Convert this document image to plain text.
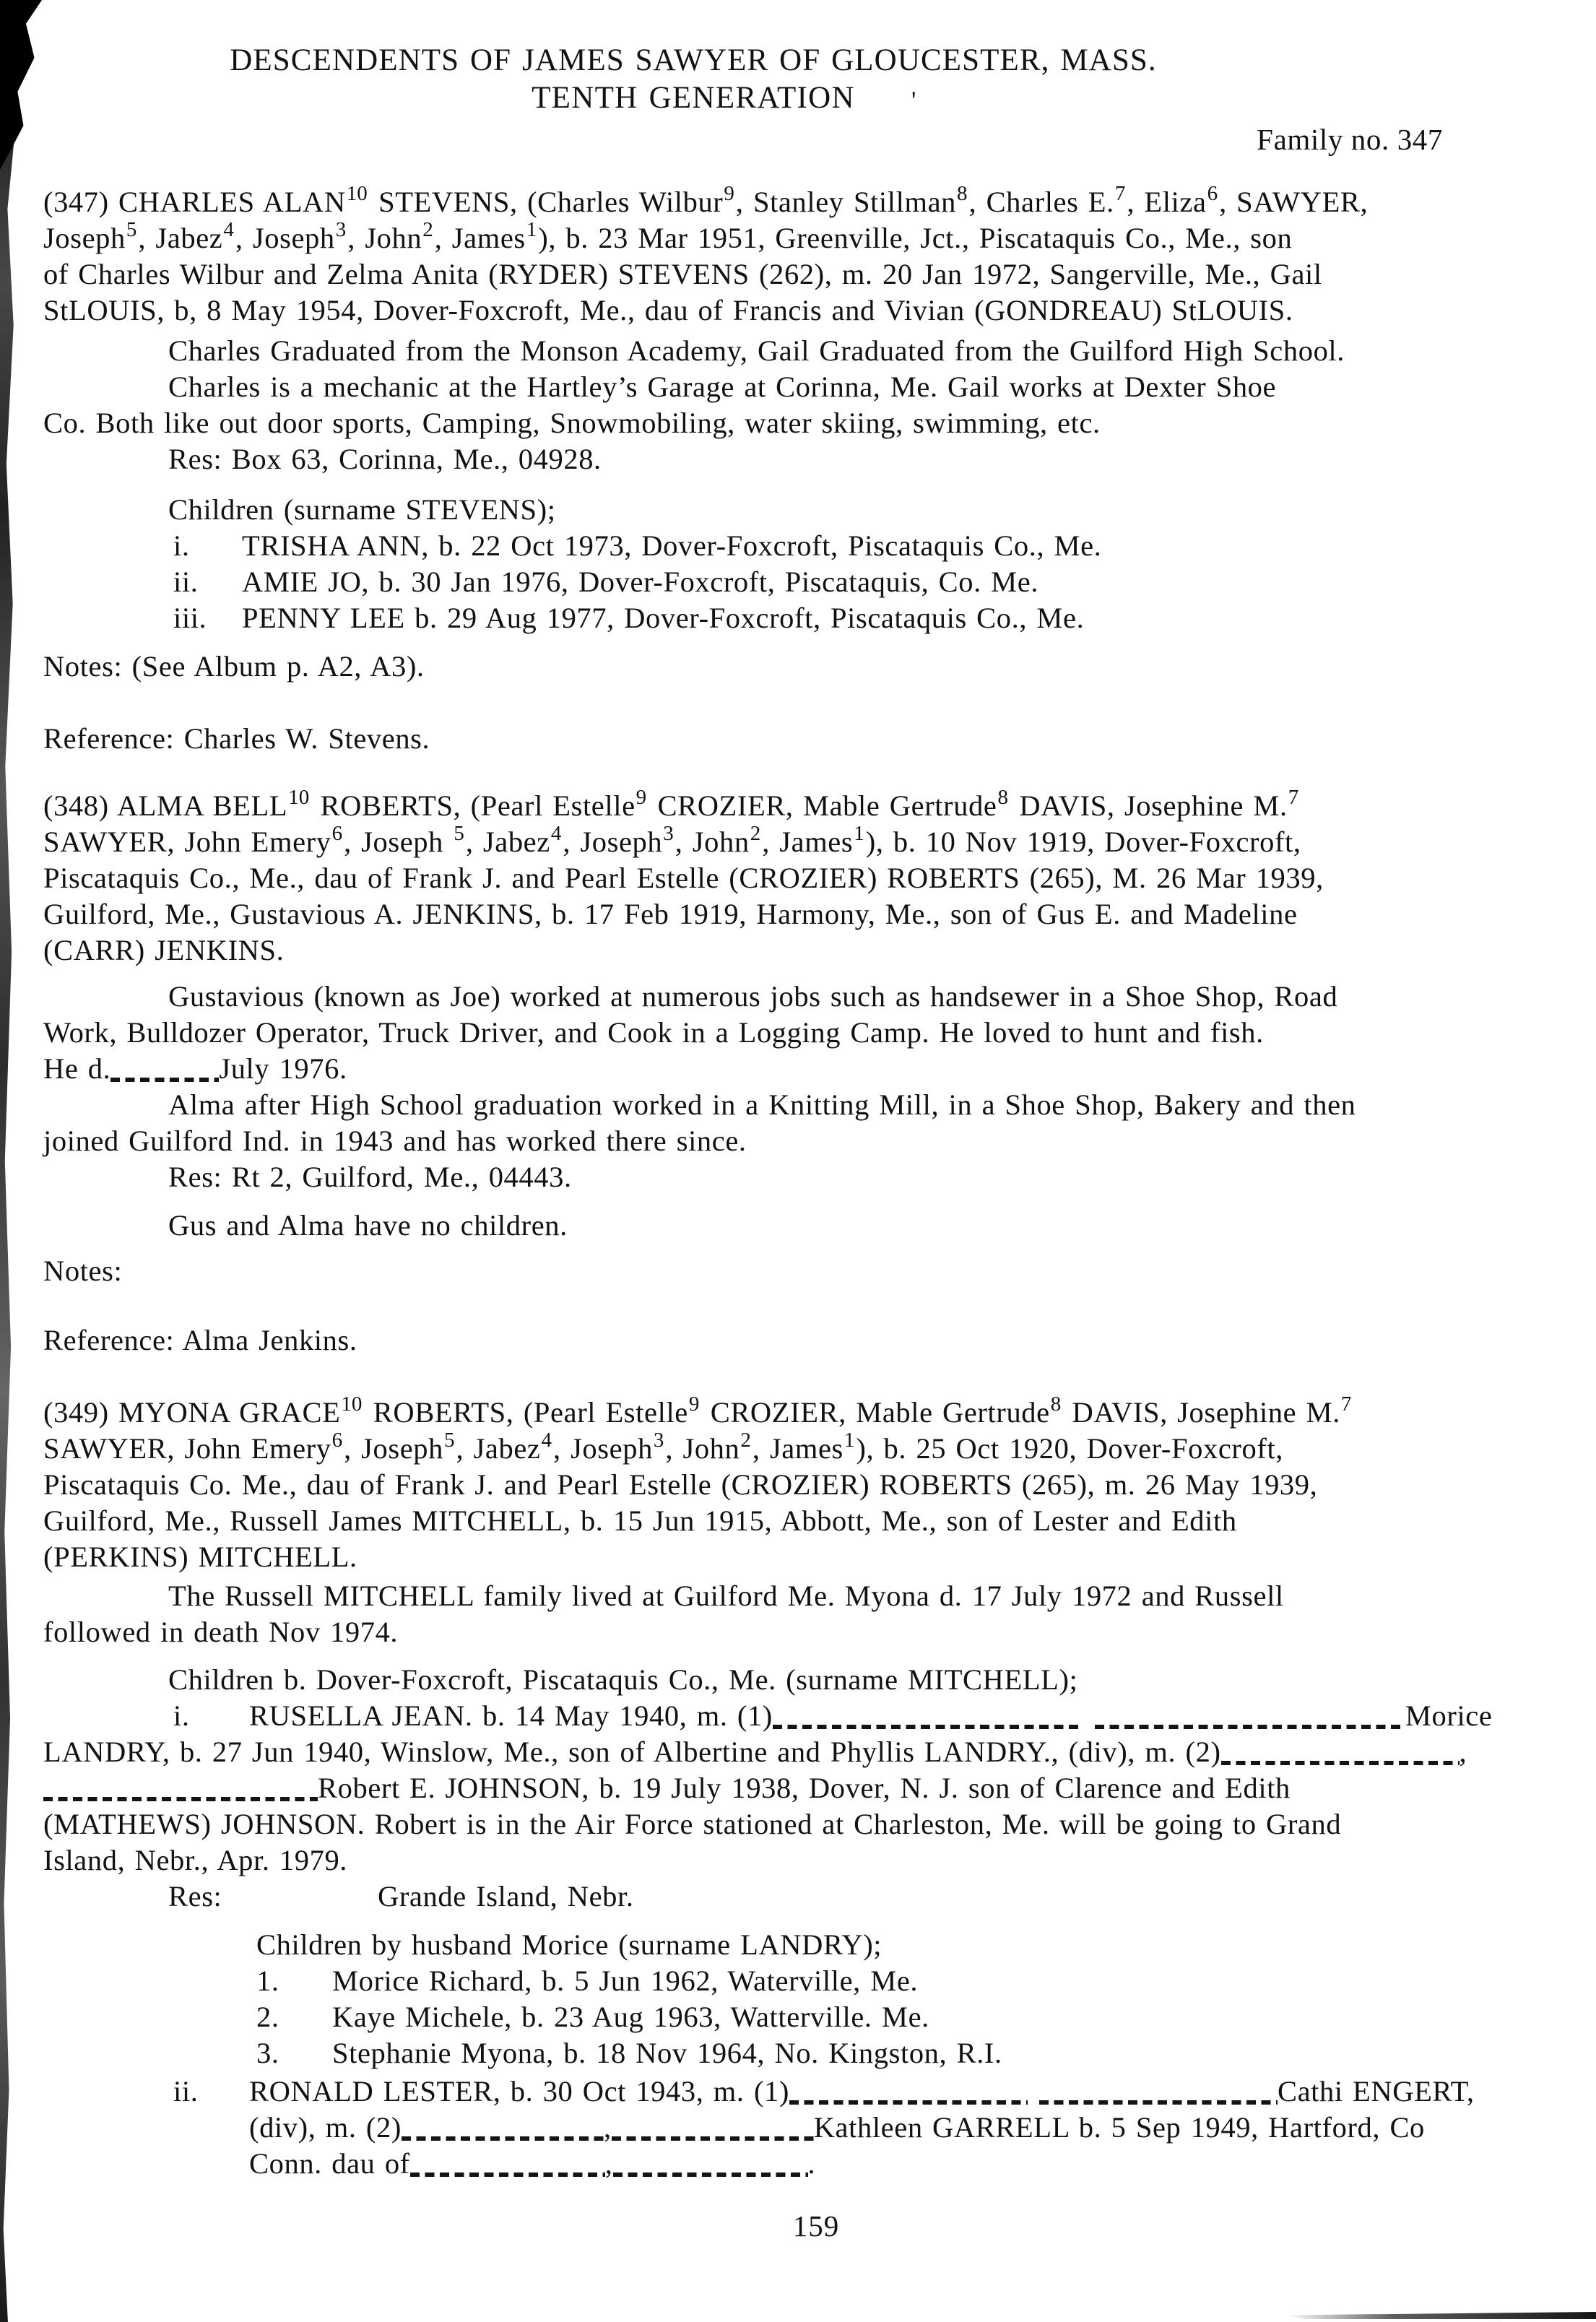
DESCENDENTS OF JAMES SAWYER OF GLOUCESTER, MASS.
TENTH GENERATION	'
Family no. 347
(347) CHARLES ALAN$^{10}$ STEVENS, (Charles Wilbur$^9$, Stanley Stillman$^8$, Charles E.$^7$, Eliza$^6$, SAWYER,
Joseph$^5$, Jabez$^4$, Joseph$^3$, John$^2$, James$^1$), b. 23 Mar 1951, Greenville, Jct., Piscataquis Co., Me., son
of Charles Wilbur and Zelma Anita (RYDER) STEVENS (262), m. 20 Jan 1972, Sangerville, Me., Gail
StLOUIS, b, 8 May 1954, Dover-Foxcroft, Me., dau of Francis and Vivian (GONDREAU) StLOUIS.
Charles Graduated from the Monson Academy, Gail Graduated from the Guilford High School.
Charles is a mechanic at the Hartley’s Garage at Corinna, Me. Gail works at Dexter Shoe
Co. Both like out door sports, Camping, Snowmobiling, water skiing, swimming, etc.
Res: Box 63, Corinna, Me., 04928.
Children (surname STEVENS);
i. TRISHA ANN, b. 22 Oct 1973, Dover-Foxcroft, Piscataquis Co., Me.
ii. AMIE JO, b. 30 Jan 1976, Dover-Foxcroft, Piscataquis, Co. Me.
iii. PENNY LEE b. 29 Aug 1977, Dover-Foxcroft, Piscataquis Co., Me.
Notes: (See Album p. A2, A3).
Reference: Charles W. Stevens.
(348) ALMA BELL$^{10}$ ROBERTS, (Pearl Estelle$^9$ CROZIER, Mable Gertrude$^8$ DAVIS, Josephine M.$^7$
SAWYER, John Emery$^6$, Joseph $^5$, Jabez$^4$, Joseph$^3$, John$^2$, James$^1$), b. 10 Nov 1919, Dover-Foxcroft,
Piscataquis Co., Me., dau of Frank J. and Pearl Estelle (CROZIER) ROBERTS (265), M. 26 Mar 1939,
Guilford, Me., Gustavious A. JENKINS, b. 17 Feb 1919, Harmony, Me., son of Gus E. and Madeline
(CARR) JENKINS.
Gustavious (known as Joe) worked at numerous jobs such as handsewer in a Shoe Shop, Road
Work, Bulldozer Operator, Truck Driver, and Cook in a Logging Camp. He loved to hunt and fish.
He d.	July 1976.
Alma after High School graduation worked in a Knitting Mill, in a Shoe Shop, Bakery and then
joined Guilford Ind. in 1943 and has worked there since.
Res: Rt 2, Guilford, Me., 04443.
Gus and Alma have no children.
Notes:
Reference: Alma Jenkins.
(349) MYONA GRACE$^{10}$ ROBERTS, (Pearl Estelle$^9$ CROZIER, Mable Gertrude$^8$ DAVIS, Josephine M.$^7$
SAWYER, John Emery$^6$, Joseph$^5$, Jabez$^4$, Joseph$^3$, John$^2$, James$^1$), b. 25 Oct 1920, Dover-Foxcroft,
Piscataquis Co. Me., dau of Frank J. and Pearl Estelle (CROZIER) ROBERTS (265), m. 26 May 1939,
Guilford, Me., Russell James MITCHELL, b. 15 Jun 1915, Abbott, Me., son of Lester and Edith
(PERKINS) MITCHELL.
The Russell MITCHELL family lived at Guilford Me. Myona d. 17 July 1972 and Russell
followed in death Nov 1974.
Children b. Dover-Foxcroft, Piscataquis Co., Me. (surname MITCHELL);
i. RUSELLA JEAN. b. 14 May 1940, m. (1)	Morice
LANDRY, b. 27 Jun 1940, Winslow, Me., son of Albertine and Phyllis LANDRY., (div), m. (2)	,
Robert E. JOHNSON, b. 19 July 1938, Dover, N. J. son of Clarence and Edith
(MATHEWS) JOHNSON. Robert is in the Air Force stationed at Charleston, Me. will be going to Grand
Island, Nebr., Apr. 1979.
Res:	Grande Island, Nebr.
Children by husband Morice (surname LANDRY);
1. Morice Richard, b. 5 Jun 1962, Waterville, Me.
2. Kaye Michele, b. 23 Aug 1963, Watterville. Me.
3. Stephanie Myona, b. 18 Nov 1964, No. Kingston, R.I.
ii. RONALD LESTER, b. 30 Oct 1943, m. (1)	Cathi ENGERT,
(div), m. (2)	,	Kathleen GARRELL b. 5 Sep 1949, Hartford, Co
Conn. dau of	,	.
159
